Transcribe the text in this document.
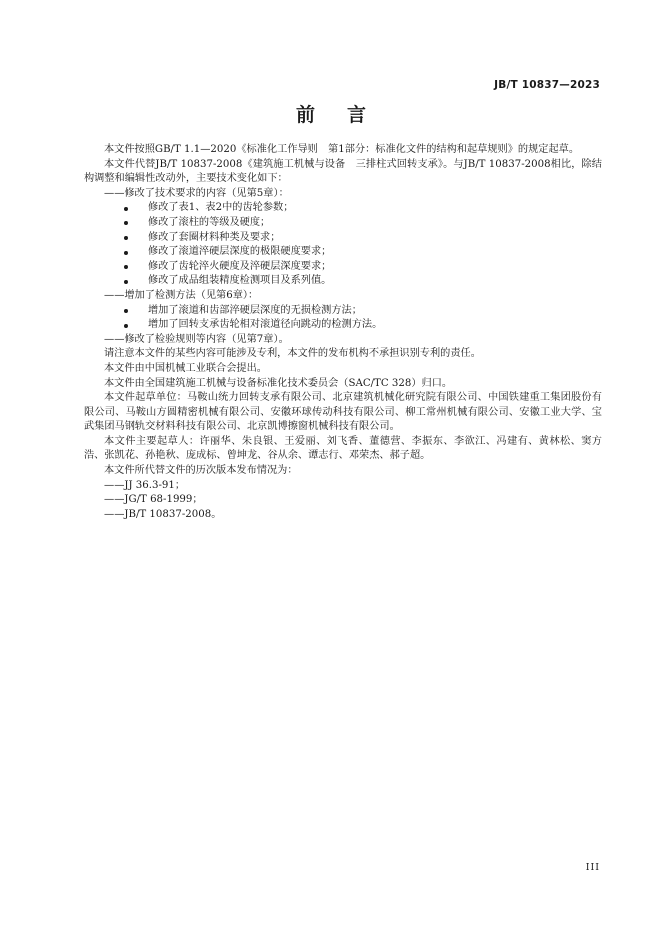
JB/T 10837—2023
前言

本文件按照GB/T 1.1—2020《标准化工作导则　第1部分：标准化文件的结构和起草规则》的规定起草。

本文件代替JB/T 10837-2008《建筑施工机械与设备　三排柱式回转支承》。与JB/T 10837-2008相比，除结构调整和编辑性改动外，主要技术变化如下：

——修改了技术要求的内容（见第5章）：

修改了表1、表2中的齿轮参数；

修改了滚柱的等级及硬度；

修改了套圈材料种类及要求；

修改了滚道淬硬层深度的极限硬度要求；

修改了齿轮淬火硬度及淬硬层深度要求；

修改了成品组装精度检测项目及系列值。

——增加了检测方法（见第6章）：

增加了滚道和齿部淬硬层深度的无损检测方法；

增加了回转支承齿轮相对滚道径向跳动的检测方法。

——修改了检验规则等内容（见第7章）。

请注意本文件的某些内容可能涉及专利，本文件的发布机构不承担识别专利的责任。

本文件由中国机械工业联合会提出。

本文件由全国建筑施工机械与设备标准化技术委员会（SAC/TC 328）归口。

本文件起草单位：马鞍山统力回转支承有限公司、北京建筑机械化研究院有限公司、中国铁建重工集团股份有限公司、马鞍山方圆精密机械有限公司、安徽环球传动科技有限公司、柳工常州机械有限公司、安徽工业大学、宝武集团马钢轨交材料科技有限公司、北京凯博擦窗机械科技有限公司。

本文件主要起草人：许丽华、朱良银、王爱丽、刘飞香、董德营、李振东、李欲江、冯建有、黄林松、窦方浩、张凯花、孙艳秋、庞成标、曾坤龙、谷从余、谭志行、邓荣杰、郝子超。

本文件所代替文件的历次版本发布情况为：

——JJ 36.3-91；

——JG/T 68-1999；

——JB/T 10837-2008。

III
